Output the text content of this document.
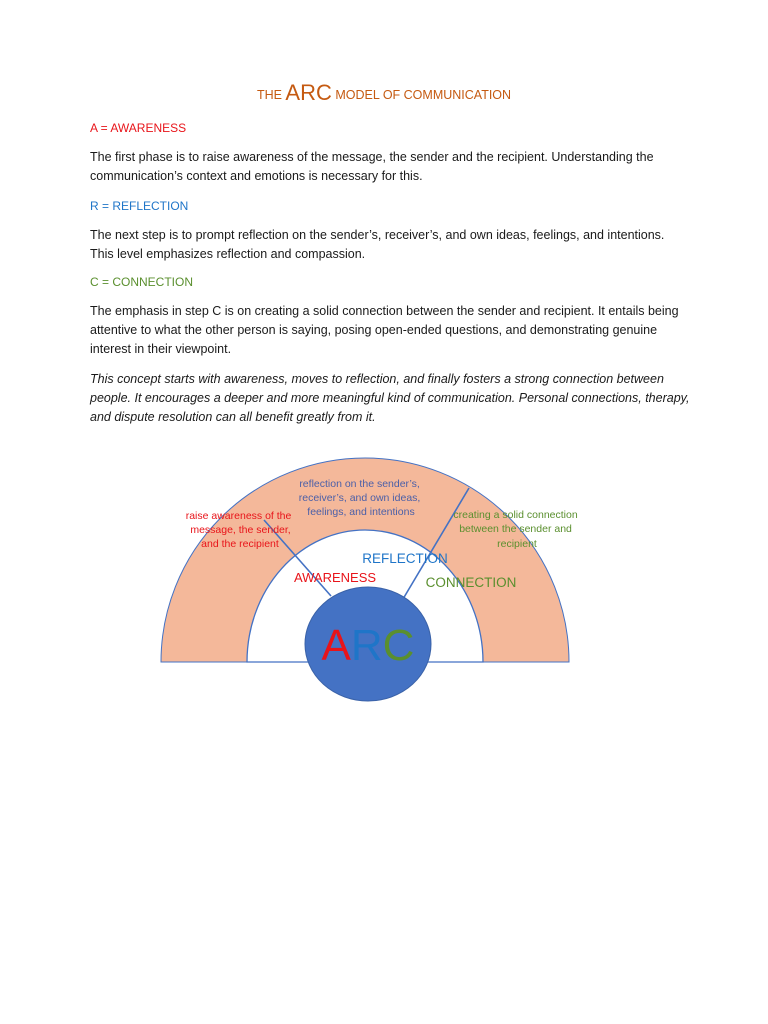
THE ARC MODEL OF COMMUNICATION
A = AWARENESS

The first phase is to raise awareness of the message, the sender and the recipient. Understanding the communication’s context and emotions is necessary for this.

R = REFLECTION

The next step is to prompt reflection on the sender’s, receiver’s, and own ideas, feelings, and intentions. This level emphasizes reflection and compassion.

C = CONNECTION

The emphasis in step C is on creating a solid connection between the sender and recipient. It entails being attentive to what the other person is saying, posing open-ended questions, and demonstrating genuine interest in their viewpoint.

This concept starts with awareness, moves to reflection, and finally fosters a strong connection between people. It encourages a deeper and more meaningful kind of communication. Personal connections, therapy, and dispute resolution can all benefit greatly from it.

raise awareness of the message, the sender, and the recipient
reflection on the sender’s, receiver’s, and own ideas, feelings, and intentions	creating a solid connection between the sender and recipient
REFLECTION
AWARENESS	CONNECTION
ARC
